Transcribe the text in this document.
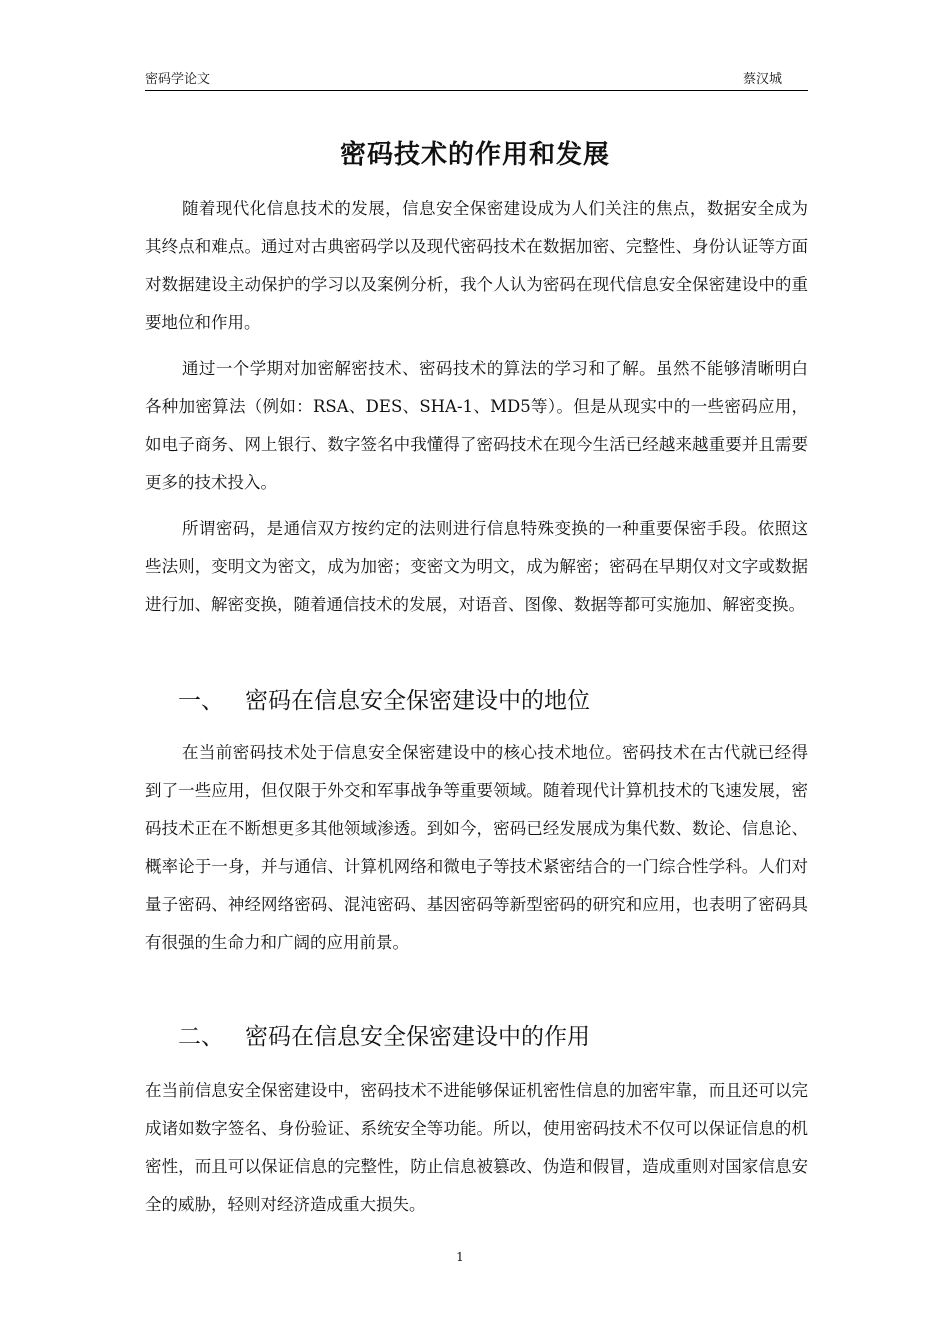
密码学论文	蔡汉城
密码技术的作用和发展

随着现代化信息技术的发展，信息安全保密建设成为人们关注的焦点，数据安全成为其终点和难点。通过对古典密码学以及现代密码技术在数据加密、完整性、身份认证等方面对数据建设主动保护的学习以及案例分析，我个人认为密码在现代信息安全保密建设中的重要地位和作用。

通过一个学期对加密解密技术、密码技术的算法的学习和了解。虽然不能够清晰明白各种加密算法（例如：RSA、DES、SHA-1、MD5等）。但是从现实中的一些密码应用，如电子商务、网上银行、数字签名中我懂得了密码技术在现今生活已经越来越重要并且需要更多的技术投入。

所谓密码，是通信双方按约定的法则进行信息特殊变换的一种重要保密手段。依照这些法则，变明文为密文，成为加密；变密文为明文，成为解密；密码在早期仅对文字或数据进行加、解密变换，随着通信技术的发展，对语音、图像、数据等都可实施加、解密变换。

一、 密码在信息安全保密建设中的地位

在当前密码技术处于信息安全保密建设中的核心技术地位。密码技术在古代就已经得到了一些应用，但仅限于外交和军事战争等重要领域。随着现代计算机技术的飞速发展，密码技术正在不断想更多其他领域渗透。到如今，密码已经发展成为集代数、数论、信息论、概率论于一身，并与通信、计算机网络和微电子等技术紧密结合的一门综合性学科。人们对量子密码、神经网络密码、混沌密码、基因密码等新型密码的研究和应用，也表明了密码具有很强的生命力和广阔的应用前景。

二、 密码在信息安全保密建设中的作用

在当前信息安全保密建设中，密码技术不进能够保证机密性信息的加密牢靠，而且还可以完成诸如数字签名、身份验证、系统安全等功能。所以，使用密码技术不仅可以保证信息的机密性，而且可以保证信息的完整性，防止信息被篡改、伪造和假冒，造成重则对国家信息安全的威胁，轻则对经济造成重大损失。

1
